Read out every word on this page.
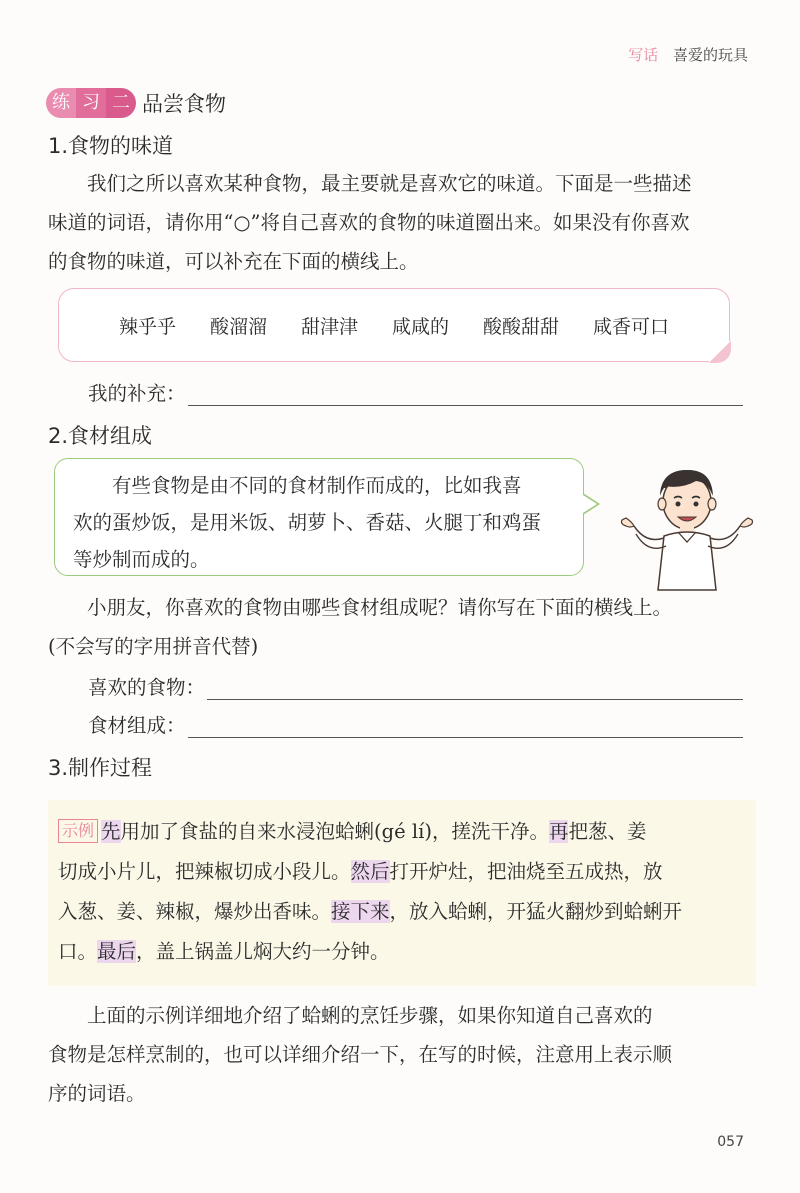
写话 喜爱的玩具
练 习 二 品尝食物
1.食物的味道
我们之所以喜欢某种食物，最主要就是喜欢它的味道。下面是一些描述
味道的词语，请你用“○”将自己喜欢的食物的味道圈出来。如果没有你喜欢
的食物的味道，可以补充在下面的横线上。
辣乎乎 酸溜溜 甜津津 咸咸的 酸酸甜甜 咸香可口
我的补充：
2.食材组成

有些食物是由不同的食材制作而成的，比如我喜

欢的蛋炒饭，是用米饭、胡萝卜、香菇、火腿丁和鸡蛋

等炒制而成的。

小朋友，你喜欢的食物由哪些食材组成呢？请你写在下面的横线上。
(不会写的字用拼音代替)
喜欢的食物：
食材组成：
3.制作过程

示例 先用加了食盐的自来水浸泡蛤蜊(gé lí)，搓洗干净。再把葱、姜

切成小片儿，把辣椒切成小段儿。然后打开炉灶，把油烧至五成热，放

入葱、姜、辣椒，爆炒出香味。接下来，放入蛤蜊，开猛火翻炒到蛤蜊开

口。最后，盖上锅盖儿焖大约一分钟。

上面的示例详细地介绍了蛤蜊的烹饪步骤，如果你知道自己喜欢的
食物是怎样烹制的，也可以详细介绍一下，在写的时候，注意用上表示顺
序的词语。
057
